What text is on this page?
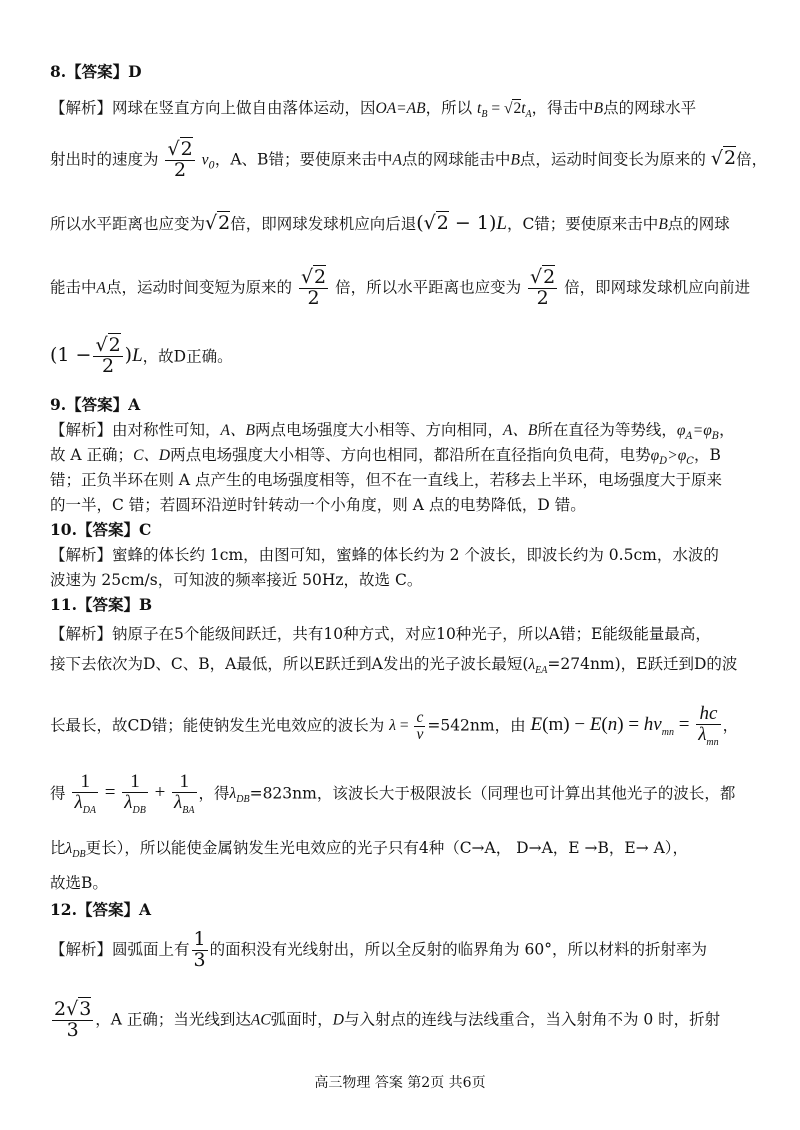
8.【答案】D
【解析】网球在竖直方向上做自由落体运动，因OA=AB，所以 $t_B = √2t_A$，得击中B点的网球水平
射出时的速度为 $\frac{√2}{2} v_0$，A、B错；要使原来击中A点的网球能击中B点，运动时间变长为原来的 √2倍，
所以水平距离也应变为√2倍，即网球发球机应向后退(√2 − 1)L，C错；要使原来击中B点的网球
能击中A点，运动时间变短为原来的 $\frac{√2}{2}$ 倍，所以水平距离也应变为 $\frac{√2}{2}$ 倍，即网球发球机应向前进
$(1 - \frac{√2}{2} )L$，故D正确。
9.【答案】A
【解析】由对称性可知，A、B两点电场强度大小相等、方向相同，A、B所在直径为等势线，$\varphi_A=\varphi_B$，
故 A 正确；C、D两点电场强度大小相等、方向也相同，都沿所在直径指向负电荷，电势$\varphi_D>\varphi_C$，B
错；正负半环在则 A 点产生的电场强度相等，但不在一直线上，若移去上半环，电场强度大于原来
的一半，C 错；若圆环沿逆时针转动一个小角度，则 A 点的电势降低，D 错。
10.【答案】C
【解析】蜜蜂的体长约 1cm，由图可知，蜜蜂的体长约为 2 个波长，即波长约为 0.5cm，水波的
波速为 25cm/s，可知波的频率接近 50Hz，故选 C。
11.【答案】B
【解析】钠原子在5个能级间跃迁，共有10种方式，对应10种光子，所以A错；E能级能量最高，
接下去依次为D、C、B，A最低，所以E跃迁到A发出的光子波长最短$(\lambda_{EA}=274nm)$，E跃迁到D的波
长最长，故CD错；能使钠发生光电效应的波长为 $\lambda = \frac{c}{\nu} =542nm$，由 $E(m) - E(n) = h\nu_{mn} = \frac{hc}{\lambda_{mn}}$ ，
得 $\frac{1}{\lambda_{DA}} = \frac{1}{\lambda_{DB}} + \frac{1}{\lambda_{BA}}$ ，得$\lambda_{DB}=823nm$，该波长大于极限波长（同理也可计算出其他光子的波长，都
比$\lambda_{DB}$更长），所以能使金属钠发生光电效应的光子只有4种（C→A， D→A，E →B，E→ A），
故选B。
12.【答案】A
【解析】圆弧面上有 $\frac{1}{3}$ 的面积没有光线射出，所以全反射的临界角为 60°，所以材料的折射率为
$\frac{2√3}{3}$ ，A 正确；当光线到达AC弧面时，D与入射点的连线与法线重合，当入射角不为 0 时，折射
高三物理 答案 第2页 共6页
